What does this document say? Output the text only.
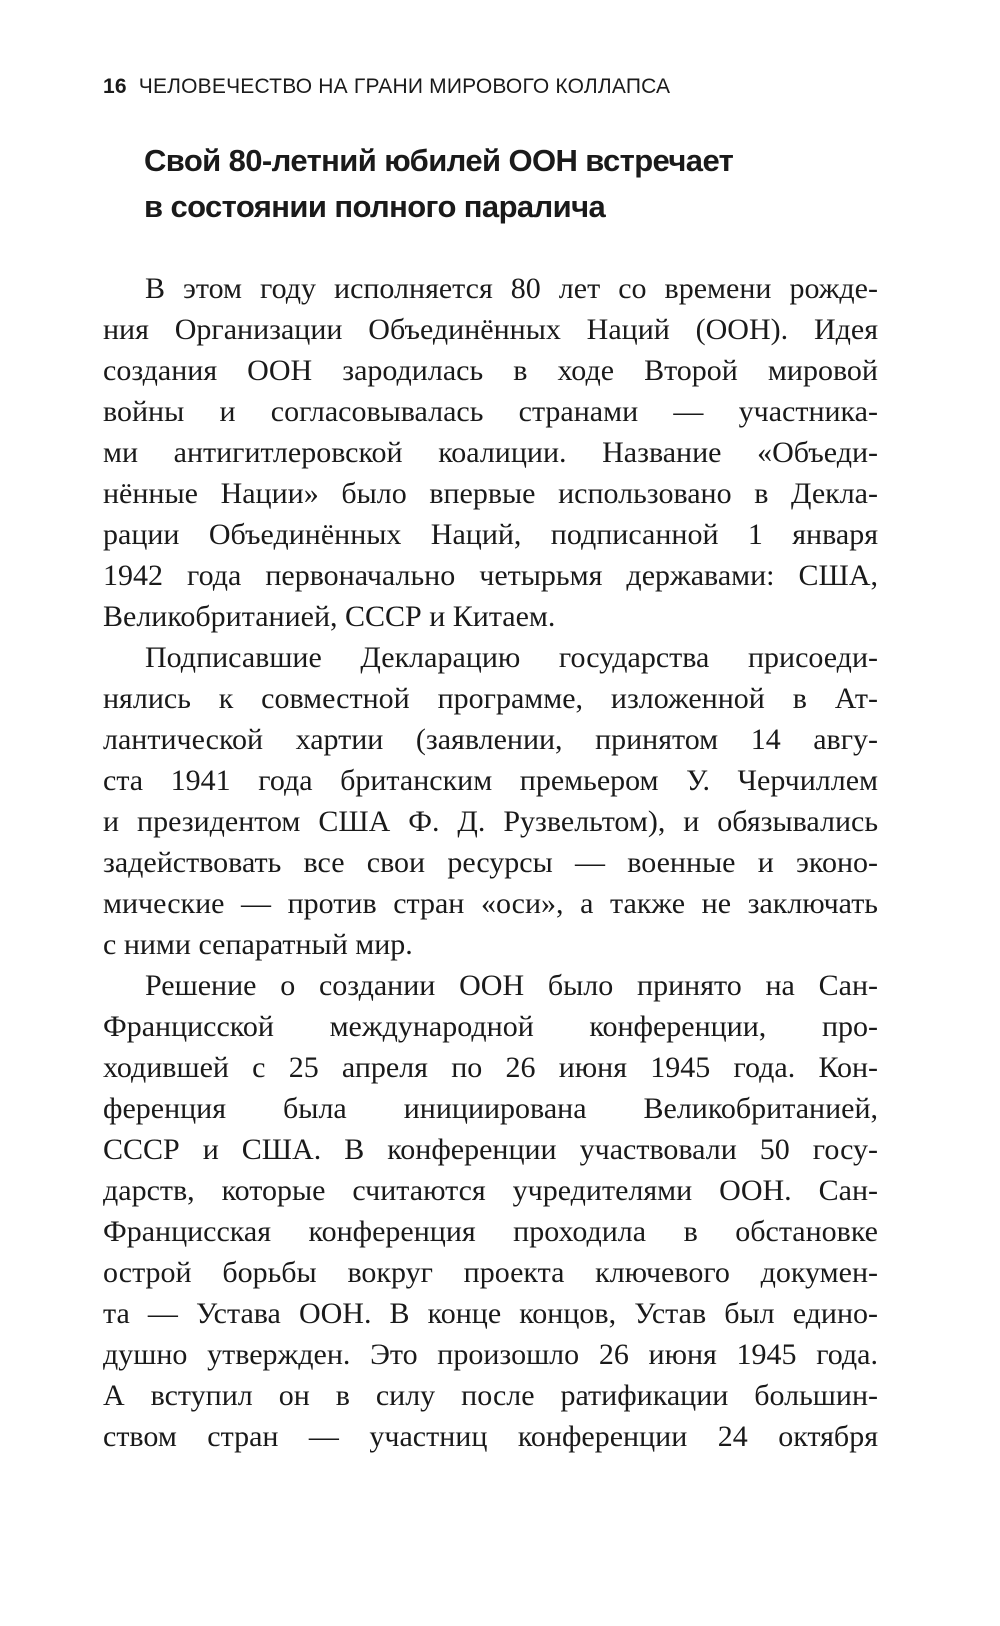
16 ЧЕЛОВЕЧЕСТВО НА ГРАНИ МИРОВОГО КОЛЛАПСА
Свой 80-летний юбилей ООН встречает
в состоянии полного паралича

В этом году исполняется 80 лет со времени рожде-
ния Организации Объединённых Наций (ООН). Идея
создания ООН зародилась в ходе Второй мировой
войны и согласовывалась странами — участника-
ми антигитлеровской коалиции. Название «Объеди-
нённые Нации» было впервые использовано в Декла-
рации Объединённых Наций, подписанной 1 января
1942 года первоначально четырьмя державами: США,
Великобританией, СССР и Китаем.

Подписавшие Декларацию государства присоеди-
нялись к совместной программе, изложенной в Ат-
лантической хартии (заявлении, принятом 14 авгу-
ста 1941 года британским премьером У. Черчиллем
и президентом США Ф. Д. Рузвельтом), и обязывались
задействовать все свои ресурсы — военные и эконо-
мические — против стран «оси», а также не заключать
с ними сепаратный мир.

Решение о создании ООН было принято на Сан-
Францисской международной конференции, про-
ходившей с 25 апреля по 26 июня 1945 года. Кон-
ференция была инициирована Великобританией,
СССР и США. В конференции участвовали 50 госу-
дарств, которые считаются учредителями ООН. Сан-
Францисская конференция проходила в обстановке
острой борьбы вокруг проекта ключевого докумен-
та — Устава ООН. В конце концов, Устав был едино-
душно утвержден. Это произошло 26 июня 1945 года.
А вступил он в силу после ратификации большин-
ством стран — участниц конференции 24 октября
